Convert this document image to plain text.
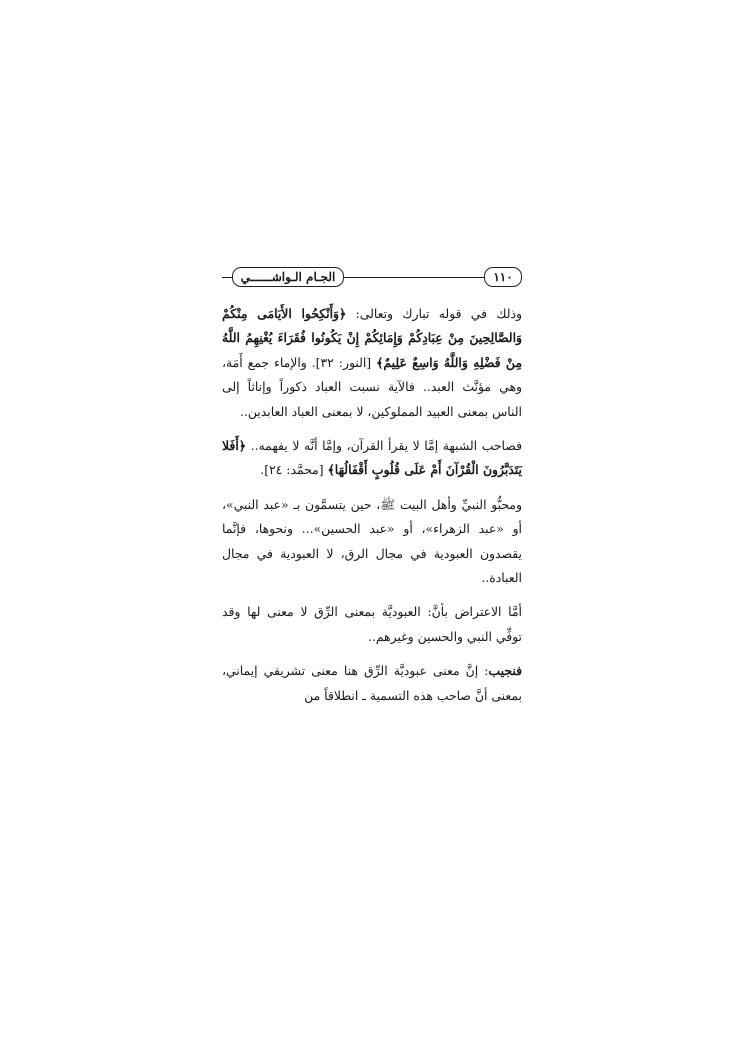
الجـام الـواشــــــي	١١٠

وذلك في قوله تبارك وتعالى: ﴿وَأَنْكِحُوا الأَيَامَى مِنْكُمْ وَالصَّالِحِينَ مِنْ عِبَادِكُمْ وَإِمَائِكُمْ إِنْ يَكُونُوا فُقَرَاءَ يُغْنِهِمُ اللَّهُ مِنْ فَضْلِهِ وَاللَّهُ وَاسِعٌ عَلِيمٌ﴾ [النور: ٣٢]. والإماء جمع أَمَة، وهي مؤنَّث العبد.. فالآية نسبت العباد ذكوراً وإناثاً إلى الناس بمعنى العبيد المملوكين، لا بمعنى العباد العابدين..

فصاحب الشبهة إمَّا لا يقرأ القرآن، وإمَّا أنَّه لا يفهمه.. ﴿أَفَلا يَتَدَبَّرُونَ الْقُرْآنَ أَمْ عَلَى قُلُوبٍ أَقْفَالُهَا﴾ [محمَّد: ٢٤].

ومحبُّو النبيِّ وأهل البيت ﷺ، حين يتسمَّون بـ «عبد النبي»، أو «عبد الزهراء»، أو «عبد الحسين»... ونحوها، فإنَّما يقصدون العبودية في مجال الرق، لا العبودية في مجال العبادة..

أمَّا الاعتراض بأنَّ: العبوديَّة بمعنى الرِّق لا معنى لها وقد توفِّي النبي والحسين وغيرهم..

فنجيب: إنَّ معنى عبوديَّة الرِّق هنا معنى تشريفي إيماني، بمعنى أنَّ صاحب هذه التسمية ـ انطلاقاً من
